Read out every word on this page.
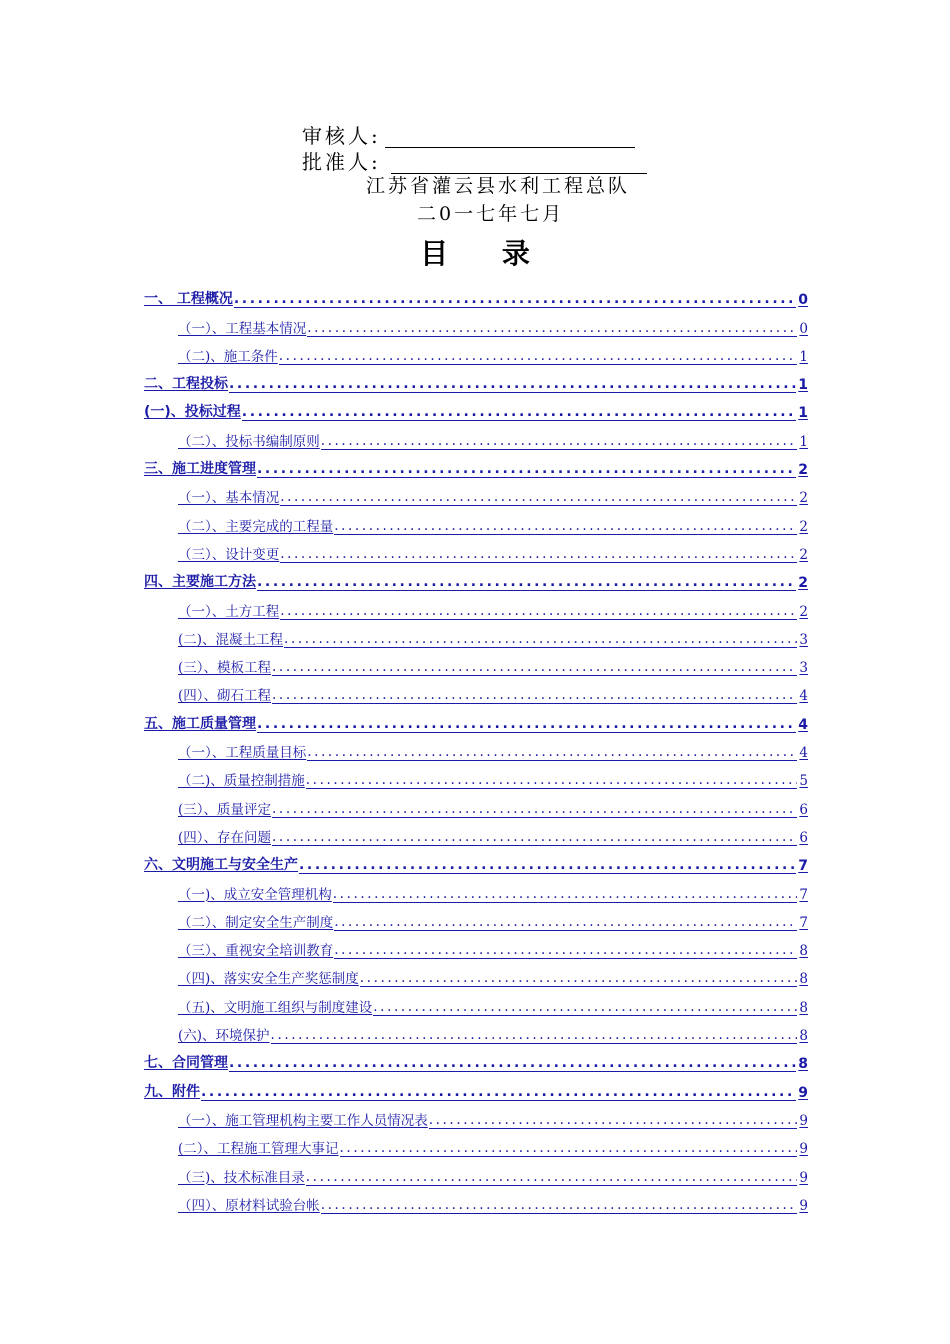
审核人:
批准人:
江苏省灌云县水利工程总队
二0一七年七月
目 录
一、 工程概况 .....	0
（一）、工程基本情况 .....	0
（二)、施工条件 .....	1
二、工程投标 .....	1
(一)、投标过程 .....	1
（二）、投标书编制原则 .....	1
三、施工进度管理 .....	2
（一）、基本情况 .....	2
（二）、主要完成的工程量 .....	2
（三）、设计变更 .....	2
四、主要施工方法 .....	2
（一）、土方工程 .....	2
(二)、混凝土工程 .....	3
(三）、模板工程 .....	3
(四）、砌石工程 .....	4
五、施工质量管理 .....	4
（一）、工程质量目标 .....	4
（二)、质量控制措施 .....	5
(三）、质量评定 .....	6
(四）、存在问题 .....	6
六、文明施工与安全生产 .....	7
（一)、成立安全管理机构 .....	7
（二）、制定安全生产制度 .....	7
（三）、重视安全培训教育 .....	8
（四)、落实安全生产奖惩制度 .....	8
（五)、文明施工组织与制度建设 .....	8
(六)、环境保护 .....	8
七、合同管理 .....	8
九、附件 .....	9
（一）、施工管理机构主要工作人员情况表 .....	9
(二）、工程施工管理大事记 .....	9
（三)、技术标准目录 .....	9
（四）、原材料试验台帐 .....	9
